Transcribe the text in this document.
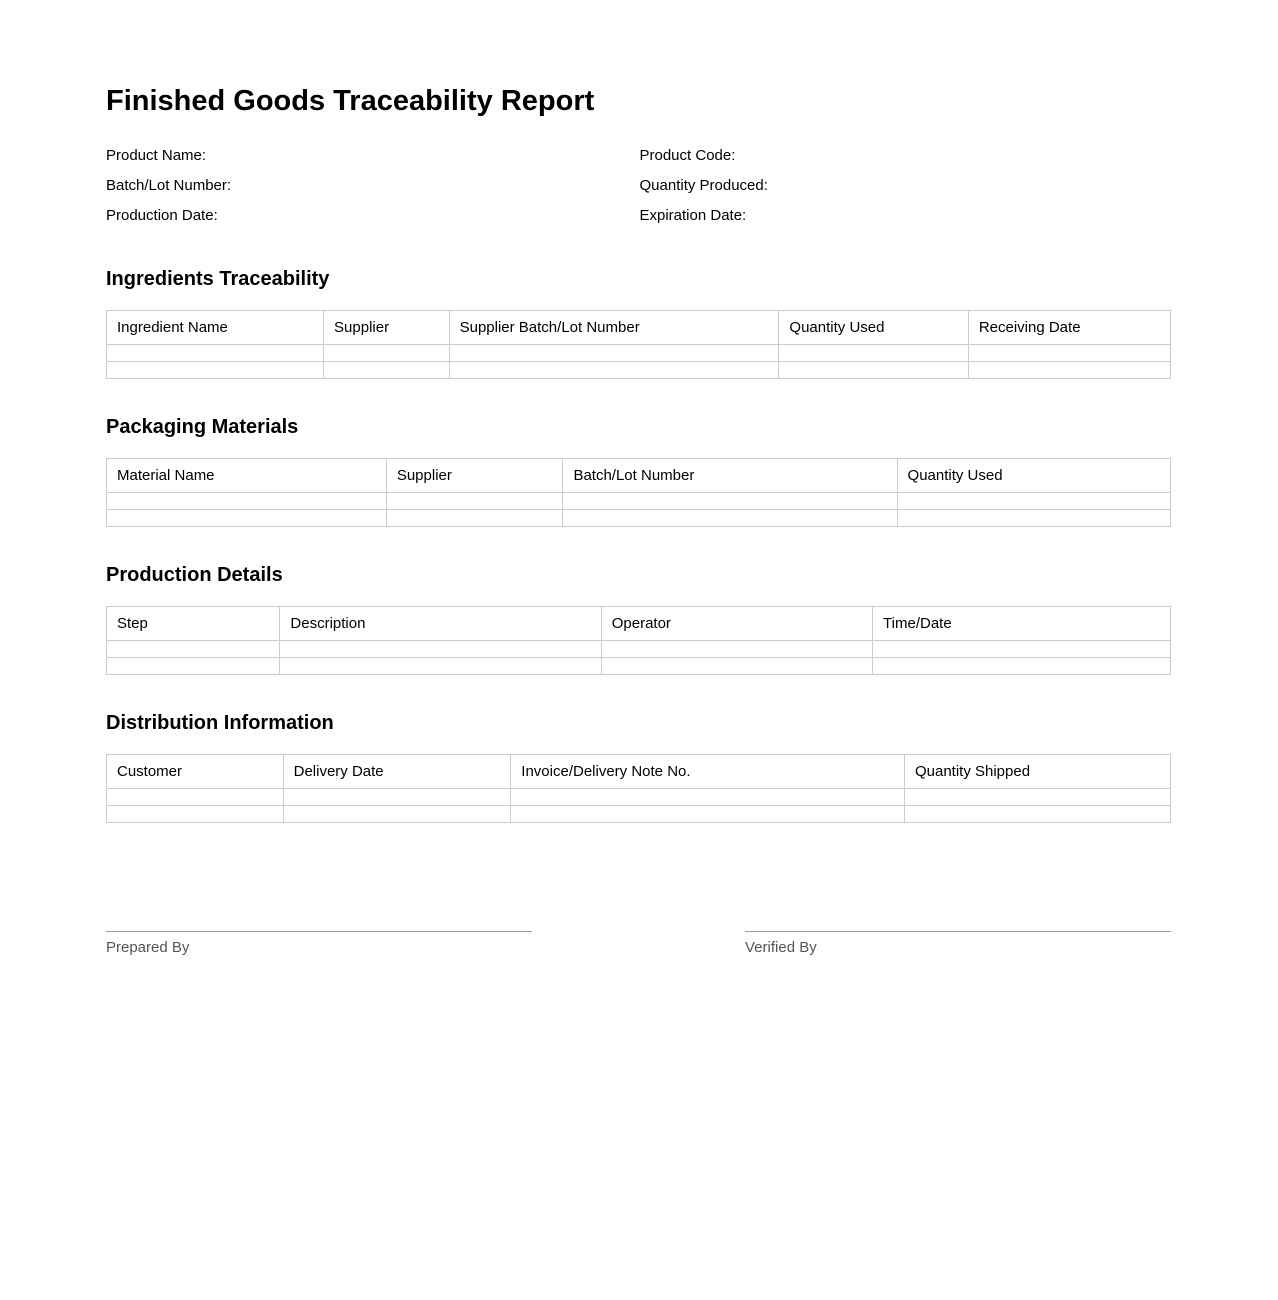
Finished Goods Traceability Report
Product Name:
Batch/Lot Number:
Production Date:
Product Code:
Quantity Produced:
Expiration Date:
Ingredients Traceability
Ingredient Name	Supplier	Supplier Batch/Lot Number	Quantity Used	Receiving Date

Packaging Materials
Material Name	Supplier	Batch/Lot Number	Quantity Used

Production Details
Step	Description	Operator	Time/Date

Distribution Information
Customer	Delivery Date	Invoice/Delivery Note No.	Quantity Shipped

Prepared By	Verified By
